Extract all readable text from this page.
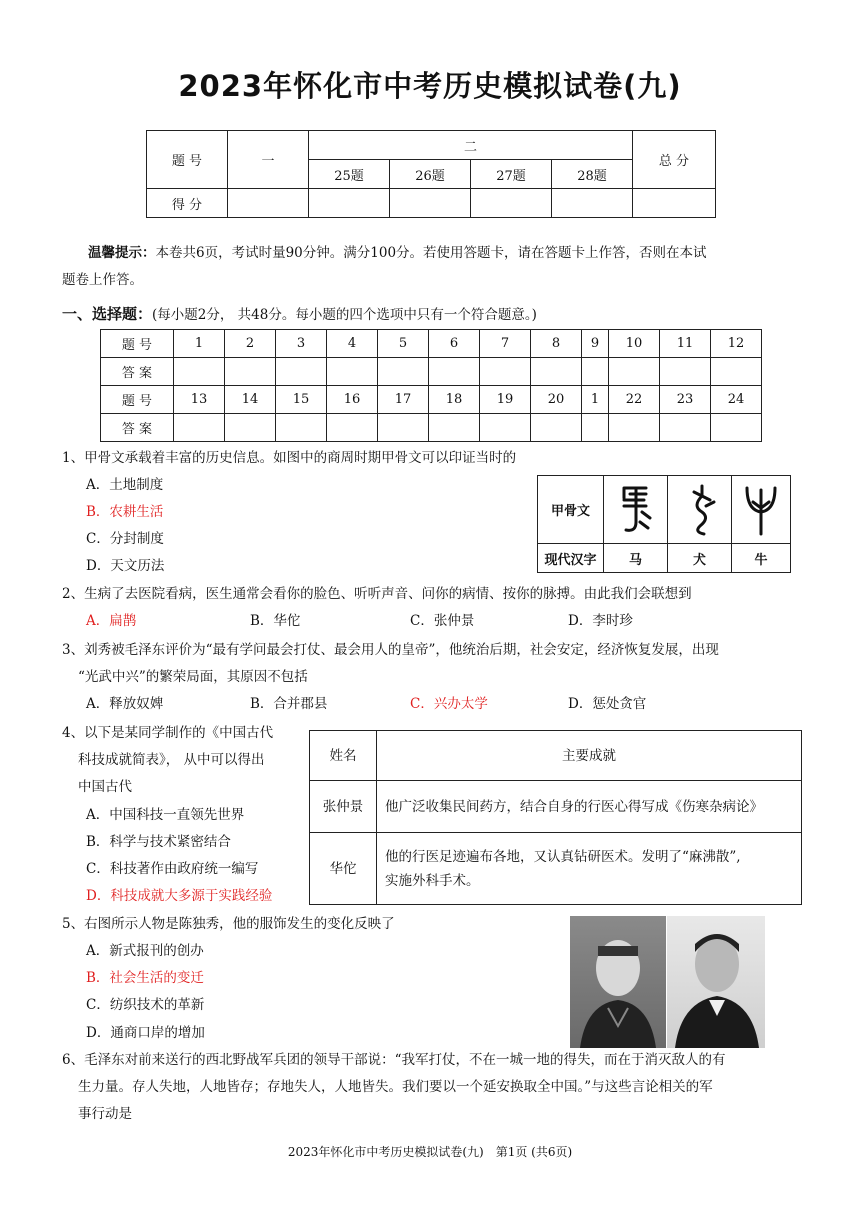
2023年怀化市中考历史模拟试卷(九)
题 号	一	二				总 分
		25题	26题	27题	28题	
得 分						
温馨提示：本卷共6页，考试时量90分钟。满分100分。若使用答题卡，请在答题卡上作答，否则在本试
题卷上作答。
一、选择题：(每小题2分， 共48分。每小题的四个选项中只有一个符合题意。)
题 号	1	2	3	4	5	6	7	8	9	10	11	12
答 案												
题 号	13	14	15	16	17	18	19	20	1	22	23	24
答 案												
1、甲骨文承载着丰富的历史信息。如图中的商周时期甲骨文可以印证当时的
A．土地制度
B．农耕生活
C．分封制度
D．天文历法
甲骨文
现代汉字	马	犬	牛
2、生病了去医院看病，医生通常会看你的脸色、听听声音、问你的病情、按你的脉搏。由此我们会联想到
A．扁鹊	B．华佗	C．张仲景	D．李时珍
3、刘秀被毛泽东评价为“最有学问最会打仗、最会用人的皇帝”，他统治后期，社会安定，经济恢复发展，出现
“光武中兴”的繁荣局面，其原因不包括
A．释放奴婢	B．合并郡县	C．兴办太学	D．惩处贪官
4、以下是某同学制作的《中国古代
科技成就简表》， 从中可以得出
中国古代
A．中国科技一直领先世界
B．科学与技术紧密结合
C．科技著作由政府统一编写
D．科技成就大多源于实践经验
姓名	主要成就
张仲景	他广泛收集民间药方，结合自身的行医心得写成《伤寒杂病论》
华佗	他的行医足迹遍布各地，又认真钻研医术。发明了“麻沸散”,
实施外科手术。
5、右图所示人物是陈独秀，他的服饰发生的变化反映了
A．新式报刊的创办
B．社会生活的变迁
C．纺织技术的革新
D．通商口岸的增加
6、毛泽东对前来送行的西北野战军兵团的领导干部说：“我军打仗，不在一城一地的得失，而在于消灭敌人的有
生力量。存人失地，人地皆存；存地失人，人地皆失。我们要以一个延安换取全中国。”与这些言论相关的军
事行动是
2023年怀化市中考历史模拟试卷(九)　第1页 (共6页)
